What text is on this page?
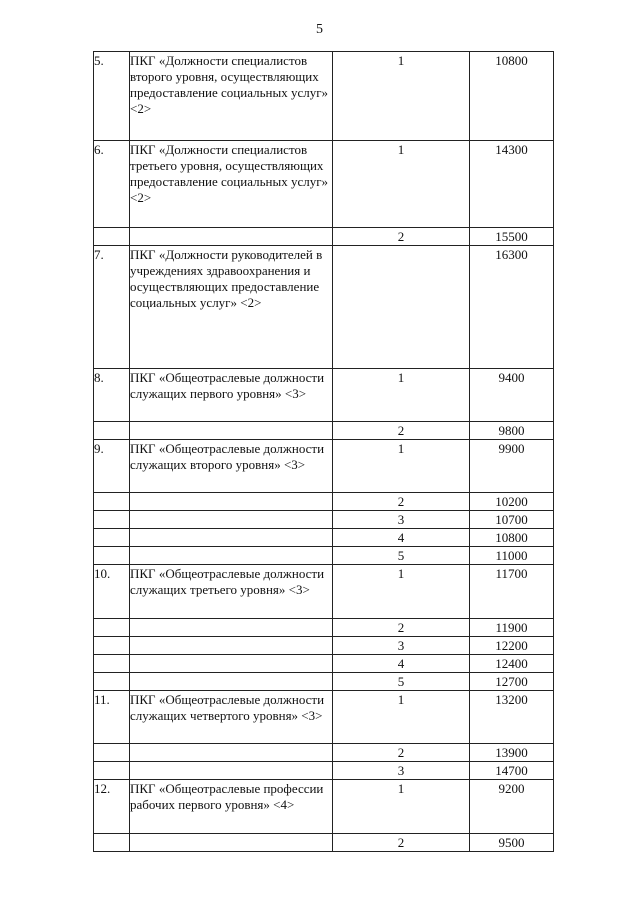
5
5.	ПКГ «Должности специалистов второго уровня, осуществляющих предоставление социальных услуг» <2>	1	10800
6.	ПКГ «Должности специалистов третьего уровня, осуществляющих предоставление социальных услуг» <2>	1	14300
		2	15500
7.	ПКГ «Должности руководителей в учреждениях здравоохранения и осуществляющих предоставление социальных услуг» <2>		16300
8.	ПКГ «Общеотраслевые должности служащих первого уровня» <3>	1	9400
		2	9800
9.	ПКГ «Общеотраслевые должности служащих второго уровня» <3>	1	9900
		2	10200
		3	10700
		4	10800
		5	11000
10.	ПКГ «Общеотраслевые должности служащих третьего уровня» <3>	1	11700
		2	11900
		3	12200
		4	12400
		5	12700
11.	ПКГ «Общеотраслевые должности служащих четвертого уровня» <3>	1	13200
		2	13900
		3	14700
12.	ПКГ «Общеотраслевые профессии рабочих первого уровня» <4>	1	9200
		2	9500
